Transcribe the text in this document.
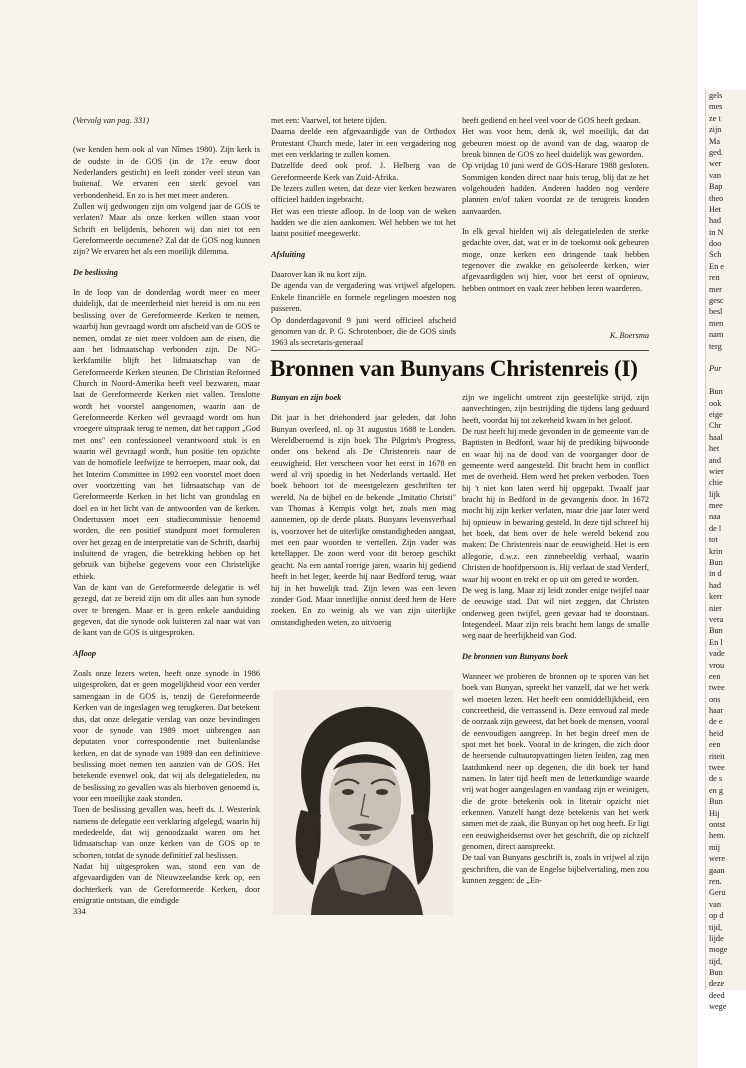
(Vervolg van pag. 331)

(we kenden hem ook al van Nîmes 1980). Zijn kerk is de oudste in de GOS (in de 17e eeuw door Nederlanders gesticht) en leeft zonder veel steun van buitenaf. We ervaren een sterk gevoel van verbondenheid. En zo is het met meer anderen.

Zullen wij gedwongen zijn om volgend jaar de GOS te verlaten? Maar als onze kerken willen staan voor Schrift en belijdenis, behoren wij dan niet tot een Gereformeerde oecumene? Zal dat de GOS nog kunnen zijn? We ervaren het als een moeilijk dilemma.

De beslissing

In de loop van de donderdag wordt meer en meer duidelijk, dat de meerderheid niet bereid is om nu een beslissing over de Gereformeerde Kerken te nemen, waarbij hun gevraagd wordt om afscheid van de GOS te nemen, omdat ze niet meer voldoen aan de eisen, die aan het lidmaatschap verbonden zijn. De NG-kerkfamilie blijft het lidmaatschap van de Gereformeerde Kerken steunen. De Christian Reformed Church in Noord-Amerika heeft veel bezwaren, maar laat de Gereformeerde Kerken niet vallen. Tenslotte wordt het voorstel aangenomen, waarin aan de Gereformeerde Kerken wél gevraagd wordt om hun vroegere uitspraak terug te nemen, dat het rapport „God met ons" een confessioneel verantwoord stuk is en waarin wél gevraagd wordt, hun positie ten opzichte van de homofiele leefwijze te herroepen, maar ook, dat het Interim Committee in 1992 een voorstel moet doen over voortzetting van het lidmaatschap van de Gereformeerde Kerken in het licht van grondslag en doel en in het licht van de antwoorden van de kerken. Ondertussen moet een studiecommissie benoemd worden, die een positief standpunt moet formuleren over het gezag en de interpretatie van de Schrift, daarbij insluitend de vragen, die betrekking hebben op het gebruik van bijbelse gegevens voor een Christelijke ethiek.

Van de kant van de Gereformeerde delegatie is wél gezegd, dat ze bereid zijn om dit alles aan hun synode over te brengen. Maar er is geen enkele aanduiding gegeven, dat die synode ook luisteren zal naar wat van de kant van de GOS is uitgesproken.

Afloop

Zoals onze lezers weten, heeft onze synode in 1986 uitgesproken, dat er geen mogelijkheid voor een verder samengaan in de GOS is, tenzij de Gereformeerde Kerken van de ingeslagen weg terugkeren. Dat betekent dus, dat onze delegatie verslag van onze bevindingen voor de synode van 1989 moet uitbrengen aan deputaten voor correspondentie met buitenlandse kerken, en dat de synode van 1989 dan een definitieve beslissing moet nemen ten aanzien van de GOS. Het betekende evenwel ook, dat wij als delegatieleden, nu de beslissing zo gevallen was als hierboven genoemd is, voor een moeilijke zaak stonden.

Toen de beslissing gevallen was, heeft ds. J. Westerink namens de delegatie een verklaring afgelegd, waarin hij mededeelde, dat wij genoodzaakt waren om het lidmaatschap van onze kerken van de GOS op te schorten, totdat de synode definitief zal beslissen.

Nadat hij uitgesproken was, stond een van de afgevaardigden van de Nieuwzeelandse kerk op, een dochterkerk van de Gereformeerde Kerken, door emigratie ontstaan, die eindigde

met een: Vaarwel, tot betere tijden.

Daarna deelde een afgevaardigde van de Orthodox Protestant Church mede, later in een vergadering nog met een verklaring te zullen komen.

Datzelfde deed ook prof. J. Helberg van de Gereformeerde Kerk van Zuid-Afrika.

De lezers zullen weten, dat deze vier kerken bezwaren officieel hadden ingebracht.

Het was een trieste afloop. In de loop van de weken hadden we die zien aankomen. Wel hebben we tot het laatst positief meegewerkt.

Afsluiting

Daarover kan ik nu kort zijn.

De agenda van de vergadering was vrijwel afgelopen. Enkele financiële en formele regelingen moesten nog passeren.

Op donderdagavond 9 juni werd officieel afscheid genomen van dr. P. G. Schrotenboer, die de GOS sinds 1963 als secretaris-generaal

heeft gediend en heel veel voor de GOS heeft gedaan.

Het was voor hem, denk ik, wel moeilijk, dat dat gebeuren moest op de avond van de dag, waarop de breuk binnen de GOS zo heel duidelijk was geworden.

Op vrijdag 10 juni werd de GOS-Harare 1988 gesloten. Sommigen konden direct naar huis terug, blij dat ze het volgehouden hadden. Anderen hadden nog verdere plannen en/of taken voordat ze de terugreis konden aanvaarden.

In elk geval hielden wij als delegatieleden de sterke gedachte over, dat, wat er in de toekomst ook gebeuren moge, onze kerken een dringende taak hebben tegenover die zwakke en geïsoleerde kerken, wier afgevaardigden wij hier, voor het eerst of opnieuw, hebben ontmoet en vaak zeer hebben leren waarderen.

K. Boersma
Bronnen van Bunyans Christenreis (I)

Bunyan en zijn boek

Dit jaar is het driehonderd jaar geleden, dat John Bunyan overleed, nl. op 31 augustus 1688 te Londen. Wereldberoemd is zijn boek The Pilgrim's Progress, onder ons bekend als De Christenreis naar de eeuwigheid. Het verscheen voor het eerst in 1678 en werd al vrij spoedig in het Nederlands vertaald. Het boek behoort tot de meestgelezen geschriften ter wereld. Na de bijbel en de bekende „Imitatio Christi" van Thomas à Kempis volgt het, zoals men mag aannemen, op de derde plaats. Bunyans levensverhaal is, voorzover het de uiterlijke omstandigheden aangaat, met een paar woorden te vertellen. Zijn vader was ketellapper. De zoon werd voor dit beroep geschikt geacht. Na een aantal roerige jaren, waarin hij gediend heeft in het leger, keerde hij naar Bedford terug, waar hij in het huwelijk trad. Zijn leven was een leven zonder God. Maar innerlijke onrust deed hem de Here zoeken. En zo weinig als we van zijn uiterlijke omstandigheden weten, zo uitvoerig

zijn we ingelicht omtrent zijn geestelijke strijd, zijn aanvechtingen, zijn bestrijding die tijdens lang geduurd heeft, voordat hij tot zekerheid kwam in het geloof.

De rust heeft hij mede gevonden in de gemeente van de Baptisten in Bedford, waar hij de prediking bijwoonde en waar hij na de dood van de voorganger door de gemeente werd aangesteld. Dit bracht hem in conflict met de overheid. Hem werd het preken verboden. Toen hij 't niet kon laten werd hij opgepakt. Twaalf jaar bracht hij in Bedford in de gevangenis door. In 1672 mocht hij zijn kerker verlaten, maar drie jaar later werd hij opnieuw in bewaring gesteld. In deze tijd schreef hij het boek, dat hem over de hele wereld bekend zou maken: De Christenreis naar de eeuwigheid. Het is een allegorie, d.w.z. een zinnebeeldig verhaal, waarin Christen de hoofdpersoon is. Hij verlaat de stad Verderf, waar hij woont en trekt er op uit om gered te worden.

De weg is lang. Maar zij leidt zonder enige twijfel naar de eeuwige stad. Dat wil niet zeggen, dat Christen onderweg geen twijfel, geen gevaar had te doorstaan. Integendeel. Maar zijn reis bracht hem langs de smalle weg naar de heerlijkheid van God.

De bronnen van Bunyans boek

Wanneer we proberen de bronnen op te sporen van het boek van Bunyan, spreekt het vanzelf, dat we het werk wel moeten lezen. Het heeft een onmiddellijkheid, een concreetheid, die verrassend is. Deze eenvoud zal mede de oorzaak zijn geweest, dat het boek de mensen, vooral de eenvoudigen aangreep. In het begin dreef men de spot met het boek. Vooral in de kringen, die zich door de heersende cultuuropvattingen lieten leiden, zag men laatdunkend neer op degenen, die dit boek ter hand namen. In later tijd heeft men de letterkundige waarde vrij wat hoger aangeslagen en vandaag zijn er weinigen, die de grote betekenis ook in literair opzicht niet erkennen. Vanzelf hangt deze betekenis van het werk samen met de zaak, die Bunyan op het oog heeft. Er ligt een eeuwigheidsernst over het geschrift, die op zichzelf genomen, direct aanspreekt.

De taal van Bunyans geschrift is, zoals in vrijwel al zijn geschriften, die van de Engelse bijbelvertaling, men zou kunnen zeggen: de „En-

334
gels
mes
ze t
zijn
Ma
ged.
wer
van
Bap
theo
Het
had
in N
doo
Sch
En e
ren
mer
gesc
besl
men
nam
terg
Pur
Bun
ook
eige
Chr
haal
het
and
wier
chie
lijk
mee
naa
de l
tot
krin
Bun
in d
had
kerr
nier
vera
Bun
En l
vade
vrou
een
twee
ons
haar
de e
heid
een
riteit
twee
de s
en g
Bun
Hij
ontst
hem.
mij
were
gaan
ren.
Geru
van
op d
tijd,
lijde
moge
tijd,
Bun
deze
deed
wege
